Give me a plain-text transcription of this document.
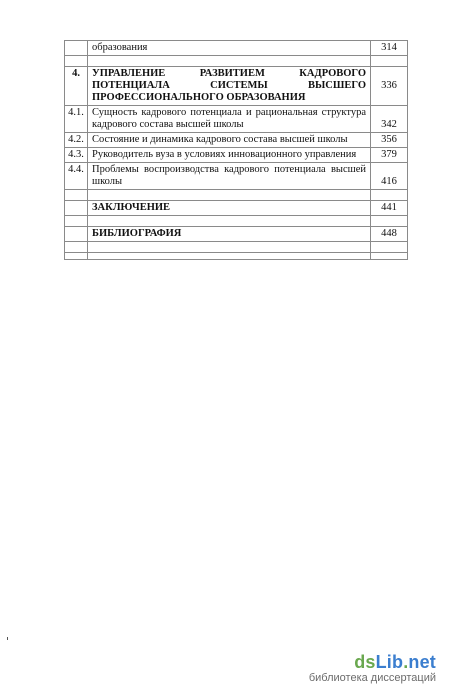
	образования	314

4.	УПРАВЛЕНИЕ РАЗВИТИЕМ КАДРОВОГО ПОТЕНЦИАЛА СИСТЕМЫ ВЫСШЕГО ПРОФЕССИОНАЛЬНОГО ОБРАЗОВАНИЯ	336
4.1.	Сущность кадрового потенциала и рациональная структура кадрового состава высшей школы	342
4.2.	Состояние и динамика кадрового состава высшей школы	356
4.3.	Руководитель вуза в условиях инновационного управления	379
4.4.	Проблемы воспроизводства кадрового потенциала высшей школы	416

	ЗАКЛЮЧЕНИЕ	441

	БИБЛИОГРАФИЯ	448

dsLib.net
библиотека диссертаций
